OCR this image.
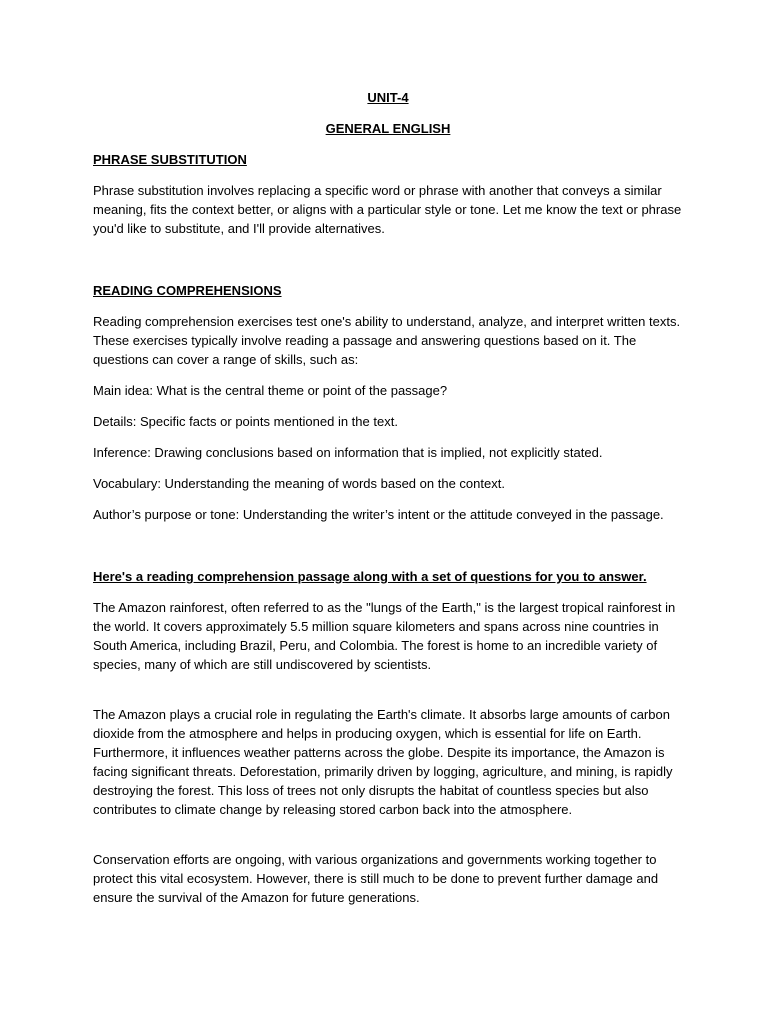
UNIT-4
GENERAL ENGLISH
PHRASE SUBSTITUTION

Phrase substitution involves replacing a specific word or phrase with another that conveys a similar meaning, fits the context better, or aligns with a particular style or tone. Let me know the text or phrase you'd like to substitute, and I'll provide alternatives.

READING COMPREHENSIONS

Reading comprehension exercises test one's ability to understand, analyze, and interpret written texts. These exercises typically involve reading a passage and answering questions based on it. The questions can cover a range of skills, such as:

Main idea: What is the central theme or point of the passage?

Details: Specific facts or points mentioned in the text.

Inference: Drawing conclusions based on information that is implied, not explicitly stated.

Vocabulary: Understanding the meaning of words based on the context.

Author’s purpose or tone: Understanding the writer’s intent or the attitude conveyed in the passage.

Here's a reading comprehension passage along with a set of questions for you to answer.

The Amazon rainforest, often referred to as the "lungs of the Earth," is the largest tropical rainforest in the world. It covers approximately 5.5 million square kilometers and spans across nine countries in South America, including Brazil, Peru, and Colombia. The forest is home to an incredible variety of species, many of which are still undiscovered by scientists.

The Amazon plays a crucial role in regulating the Earth's climate. It absorbs large amounts of carbon dioxide from the atmosphere and helps in producing oxygen, which is essential for life on Earth. Furthermore, it influences weather patterns across the globe. Despite its importance, the Amazon is facing significant threats. Deforestation, primarily driven by logging, agriculture, and mining, is rapidly destroying the forest. This loss of trees not only disrupts the habitat of countless species but also contributes to climate change by releasing stored carbon back into the atmosphere.

Conservation efforts are ongoing, with various organizations and governments working together to protect this vital ecosystem. However, there is still much to be done to prevent further damage and ensure the survival of the Amazon for future generations.
